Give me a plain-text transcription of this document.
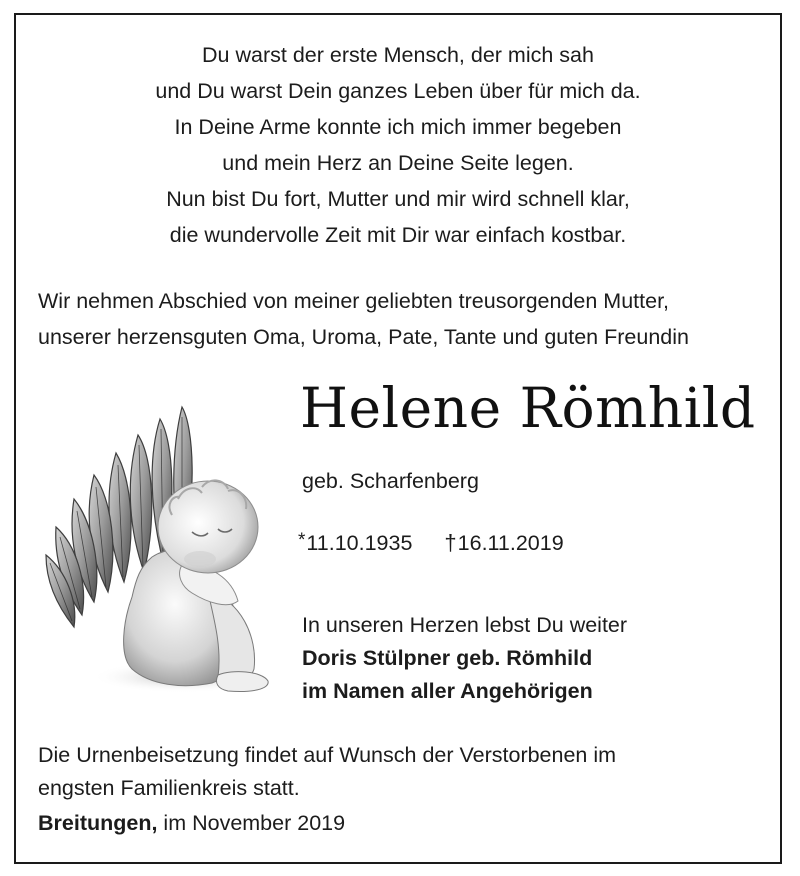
Du warst der erste Mensch, der mich sah
und Du warst Dein ganzes Leben über für mich da.
In Deine Arme konnte ich mich immer begeben
und mein Herz an Deine Seite legen.
Nun bist Du fort, Mutter und mir wird schnell klar,
die wundervolle Zeit mit Dir war einfach kostbar.
Wir nehmen Abschied von meiner geliebten treusorgenden Mutter,
unserer herzensguten Oma, Uroma, Pate, Tante und guten Freundin
Helene Römhild
geb. Scharfenberg
*11.10.1935 †16.11.2019
In unseren Herzen lebst Du weiter
Doris Stülpner geb. Römhild
im Namen aller Angehörigen
Die Urnenbeisetzung findet auf Wunsch der Verstorbenen im
engsten Familienkreis statt.
Breitungen, im November 2019
